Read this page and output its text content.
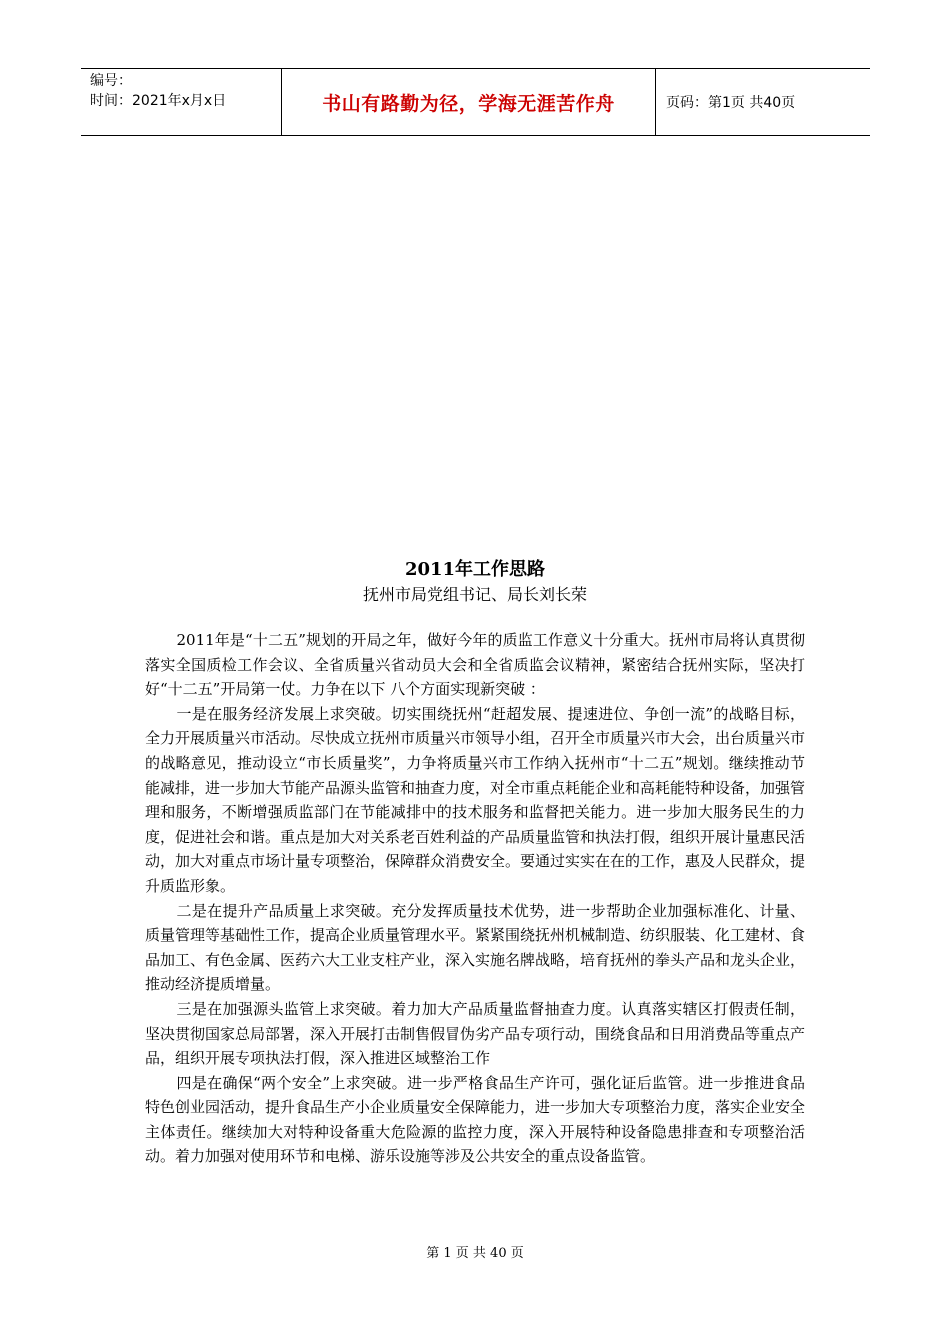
编号：
时间：2021年x月x日	书山有路勤为径，学海无涯苦作舟	页码：第1页 共40页
2011年工作思路
抚州市局党组书记、局长刘长荣

2011年是“十二五”规划的开局之年，做好今年的质监工作意义十分重大。抚州市局将认真贯彻落实全国质检工作会议、全省质量兴省动员大会和全省质监会议精神，紧密结合抚州实际，坚决打好“十二五”开局第一仗。力争在以下 八个方面实现新突破 ：

一是在服务经济发展上求突破。切实围绕抚州“赶超发展、提速进位、争创一流”的战略目标，全力开展质量兴市活动。尽快成立抚州市质量兴市领导小组，召开全市质量兴市大会，出台质量兴市的战略意见，推动设立“市长质量奖”，力争将质量兴市工作纳入抚州市“十二五”规划。继续推动节能减排，进一步加大节能产品源头监管和抽查力度，对全市重点耗能企业和高耗能特种设备，加强管理和服务，不断增强质监部门在节能减排中的技术服务和监督把关能力。进一步加大服务民生的力度，促进社会和谐。重点是加大对关系老百姓利益的产品质量监管和执法打假，组织开展计量惠民活动，加大对重点市场计量专项整治，保障群众消费安全。要通过实实在在的工作，惠及人民群众，提升质监形象。

二是在提升产品质量上求突破。充分发挥质量技术优势，进一步帮助企业加强标准化、计量、质量管理等基础性工作，提高企业质量管理水平。紧紧围绕抚州机械制造、纺织服装、化工建材、食品加工、有色金属、医药六大工业支柱产业，深入实施名牌战略，培育抚州的拳头产品和龙头企业，推动经济提质增量。

三是在加强源头监管上求突破。着力加大产品质量监督抽查力度。认真落实辖区打假责任制，坚决贯彻国家总局部署，深入开展打击制售假冒伪劣产品专项行动，围绕食品和日用消费品等重点产品，组织开展专项执法打假，深入推进区域整治工作

四是在确保“两个安全”上求突破。进一步严格食品生产许可，强化证后监管。进一步推进食品特色创业园活动，提升食品生产小企业质量安全保障能力，进一步加大专项整治力度，落实企业安全主体责任。继续加大对特种设备重大危险源的监控力度，深入开展特种设备隐患排查和专项整治活动。着力加强对使用环节和电梯、游乐设施等涉及公共安全的重点设备监管。

第 1 页 共 40 页
